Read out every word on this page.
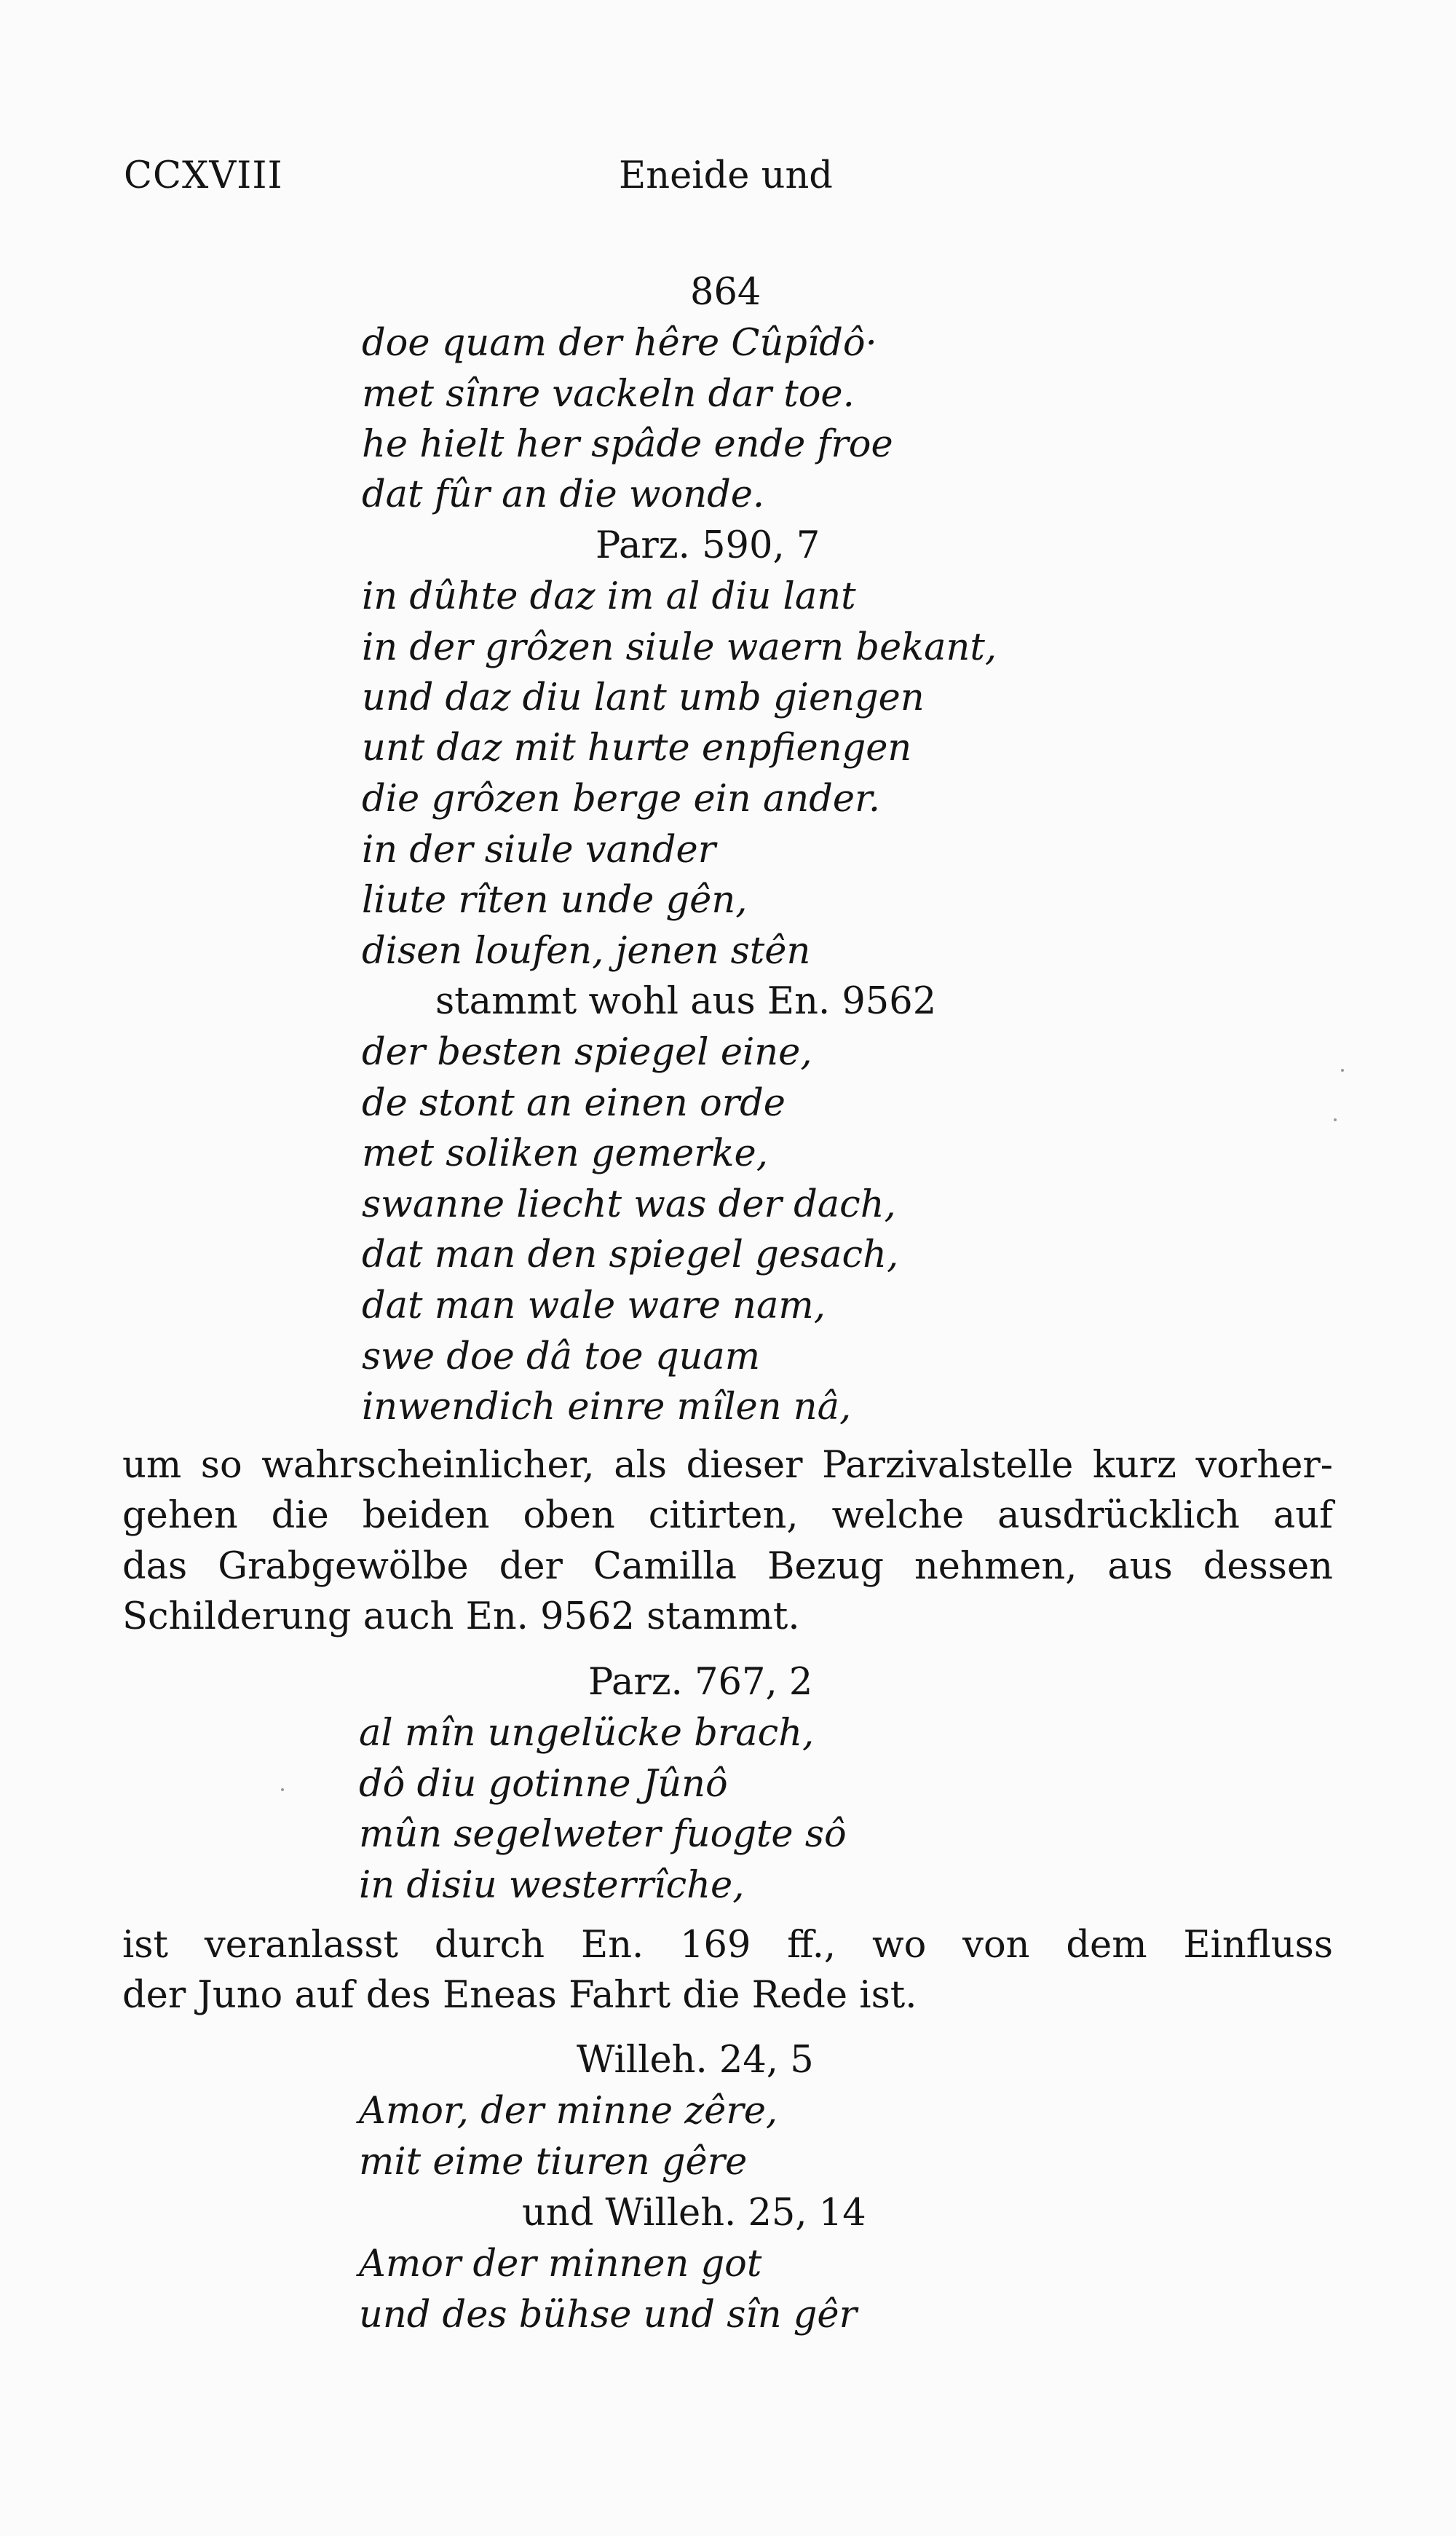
CCXVIII	Eneide und
864
doe quam der hêre Cûpîdô·
met sînre vackeln dar toe.
he hielt her spâde ende froe
dat fûr an die wonde.
Parz. 590, 7
in dûhte daz im al diu lant
in der grôzen siule waern bekant,
und daz diu lant umb giengen
unt daz mit hurte enpfiengen
die grôzen berge ein ander.
in der siule vander
liute rîten unde gên,
disen loufen, jenen stên
stammt wohl aus En. 9562
der besten spiegel eine,
de stont an einen orde
met soliken gemerke,
swanne liecht was der dach,
dat man den spiegel gesach,
dat man wale ware nam,
swe doe dâ toe quam
inwendich einre mîlen nâ,
um so wahrscheinlicher, als dieser Parzivalstelle kurz vorher-
gehen die beiden oben citirten, welche ausdrücklich auf
das Grabgewölbe der Camilla Bezug nehmen, aus dessen
Schilderung auch En. 9562 stammt.
Parz. 767, 2
al mîn ungelücke brach,
dô diu gotinne Jûnô
mûn segelweter fuogte sô
in disiu westerrîche,
ist veranlasst durch En. 169 ff., wo von dem Einfluss
der Juno auf des Eneas Fahrt die Rede ist.
Willeh. 24, 5
Amor, der minne zêre,
mit eime tiuren gêre
und Willeh. 25, 14
Amor der minnen got
und des bühse und sîn gêr
